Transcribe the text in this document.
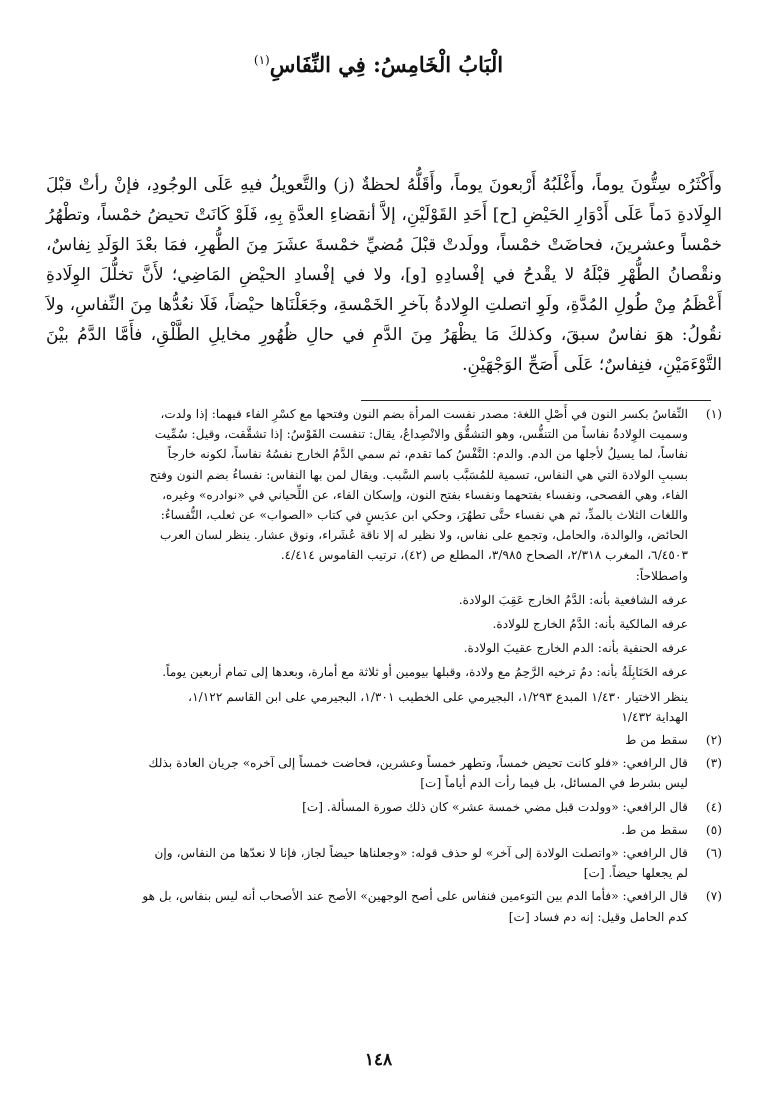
الْبَابُ الْخَامِسُ: فِي النِّفَاسِ$^{(١)}$
وأَكْثَرُه سِتُّونَ يوماً، وأَغْلَبُهُ أَرْبعونَ يوماً، وأَقَلُّهُ لحظةٌ (ز) والتَّعويلُ فيهِ عَلَى الوجُودِ، فإنْ رأتْ قبْلَ الوِلَادةِ دَماً عَلَى أَدْوَارِ الحَيْضِ [ح] أَحَدِ القَوْلَيْنِ، إلاَّ أنقضاءِ العدَّةِ بِهِ، فَلَوْ كَانَتْ تحيضُ خمْساً، وتطْهُرُ خمْساً وعشرينَ، فحاضَتْ خمْساً، وولَدتْ قبْلَ مُضيِّ خمْسةَ عشَرَ مِنَ الطُّهرِ، فمَا بعْدَ الوَلَدِ نِفاسٌ، ونقْصانُ الطُّهْرِ قبْلَهُ لا يقْدحُ في إفْسادِهِ [و]، ولا في إفْسادِ الحيْضِ المَاضِي؛ لأَنَّ تخلُّلَ الوِلَادةِ أَعْظَمُ مِنْ طُولِ المُدَّةِ، ولَوِ اتصلتِ الوِلادةُ بآخرِ الخَمْسةِ، وجَعَلْنَاها حيْضاً، فَلَا نعُدُّها مِنَ النِّفاسِ، ولاَ نقُولُ: هوَ نفاسٌ سبقَ، وكذلكَ مَا يظْهَرُ مِنَ الدَّمِ في حالِ ظُهُورِ مخايلِ الطَّلْقِ، فأَمَّا الدَّمُ بيْنَ التَّوْءَمَيْنِ، فنِفاسٌ؛ عَلَى أَصَحِّ الوَجْهَيْنِ.
(١)
النِّفاسُ بكسر النون في أَصْلِ اللغة: مصدر نفست المرأة بضم النون وفتحها مع كسْرِ الفاء فيهما: إذا ولدت،
وسميت الوِلادةُ نفاساً من التنفُّس، وهو التشقُّق والانْصِداعُ، يقال: تنفست القَوْسُ: إذا تشقَّقت، وقيل: سُمِّيت
نفاساً، لما يسيلُ لأجلها من الدم. والدم: النَّفْسُ كما تقدم، ثم سمي الدَّمُ الخارج نفسُهُ نفاساً، لكونه خارجاً
بسببِ الولادة التي هي النفاس، تسمية للمُسَبَّب باسم السَّبب. ويقال لمن بها النفاس: نفساءُ بضم النون وفتح
الفاء، وهي الفصحى، ونفساء بفتحهما ونفساء بفتح النون، وإسكان الفاء، عن اللِّحياني في «نوادره» وغيره،
واللغات الثلاث بالمدِّ، ثم هي نفساء حتَّى تطهُرَ، وحكي ابن عدَيسٍ في كتاب «الصواب» عن ثعلب، النُّفساءُ:
الحائض، والوالدة، والحامل، وتجمع على نفاس، ولا نظير له إلا ناقة عُشَراء، ونوق عشار. ينظر لسان العرب
٦/٤٥٠٣، المغرب ٢/٣١٨، الصحاح ٣/٩٨٥، المطلع ص (٤٢)، ترتيب القاموس ٤/٤١٤.
واصطلاحاً:
عرفه الشافعية بأنه: الدَّمُ الخارج عَقِبَ الولادة.
عرفه المالكية بأنه: الدَّمُ الخارج للولادة.
عرفه الحنفية بأنه: الدم الخارج عقيبَ الولادة.
عرفه الحَنَابِلَةُ بأنه: دمٌ ترخيه الرَّحِمُ مع ولادة، وقبلها بيومين أو ثلاثة مع أمارة، وبعدها إلى تمام أربعين يوماً.
ينظر الاختيار ١/٤٣٠ المبدع ١/٢٩٣، البجيرمي على الخطيب ١/٣٠١، البجيرمي على ابن القاسم ١/١٢٢،
الهداية ١/٤٣٢
(٢)
سقط من ط
(٣)
قال الرافعي: «فلو كانت تحيض خمساً، وتطهر خمساً وعشرين، فحاضت خمساً إلى آخره» جريان العادة بذلك
ليس بشرط في المسائل، بل فيما رأت الدم أياماً [ت]
(٤)
قال الرافعي: «وولدت قبل مضي خمسة عشر» كان ذلك صورة المسألة. [ت]
(٥)
سقط من ط.
(٦)
قال الرافعي: «واتصلت الولادة إلى آخر» لو حذف قوله: «وجعلناها حيضاً لجاز، فإنا لا نعدّها من النفاس، وإن
لم يجعلها حيضاً. [ت]
(٧)
قال الرافعي: «فأما الدم بين التوءمين فنفاس على أصح الوجهين» الأصح عند الأصحاب أنه ليس بنفاس، بل هو
كدم الحامل وقيل: إنه دم فساد [ت]
١٤٨
